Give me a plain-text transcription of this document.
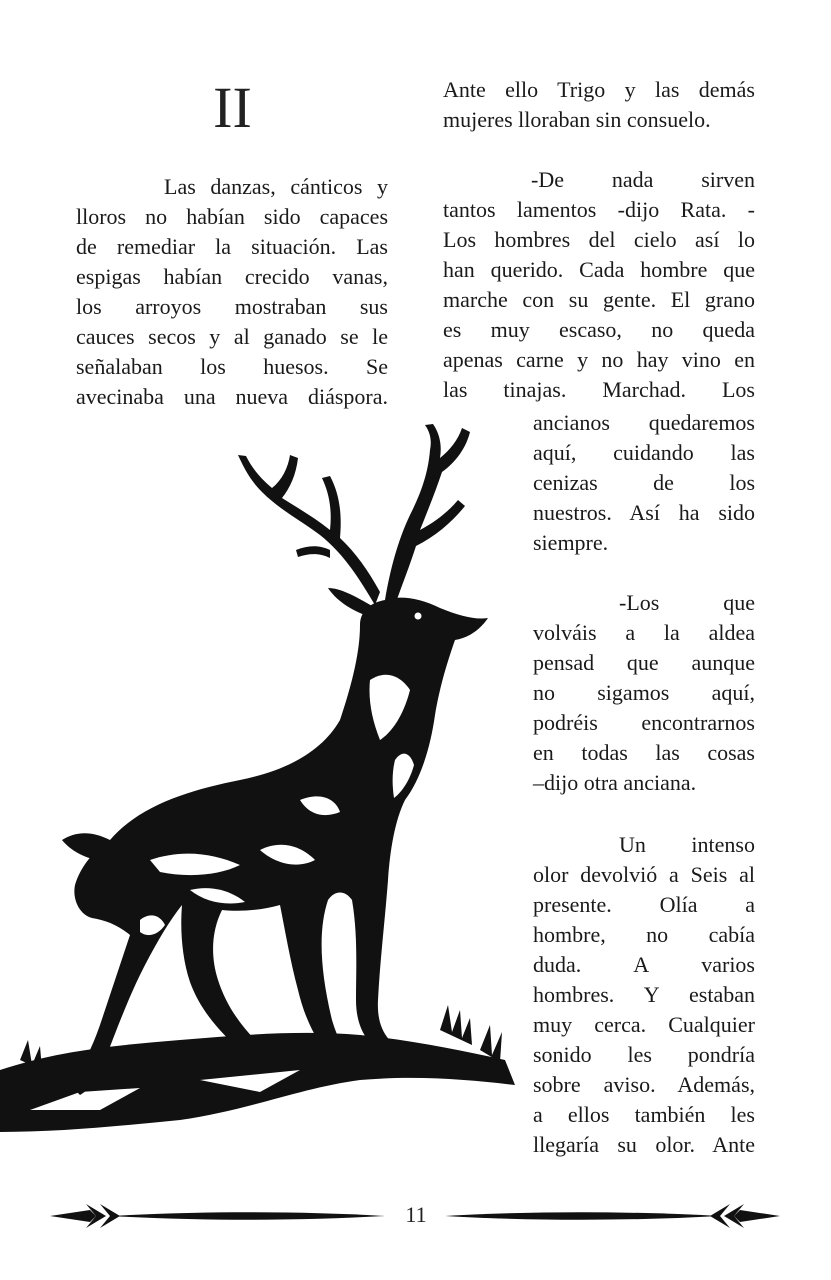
II
Las danzas, cánticos y
lloros no habían sido capaces
de remediar la situación. Las
espigas habían crecido vanas,
los arroyos mostraban sus
cauces secos y al ganado se le
señalaban los huesos. Se
avecinaba una nueva diáspora.
Ante ello Trigo y las demás
mujeres lloraban sin consuelo.
-De nada sirven
tantos lamentos -dijo Rata. -
Los hombres del cielo así lo
han querido. Cada hombre que
marche con su gente. El grano
es muy escaso, no queda
apenas carne y no hay vino en
las tinajas. Marchad. Los
ancianos quedaremos
aquí, cuidando las
cenizas de los
nuestros. Así ha sido
siempre.
-Los que
volváis a la aldea
pensad que aunque
no sigamos aquí,
podréis encontrarnos
en todas las cosas
–dijo otra anciana.
Un intenso
olor devolvió a Seis al
presente. Olía a
hombre, no cabía
duda. A varios
hombres. Y estaban
muy cerca. Cualquier
sonido les pondría
sobre aviso. Además,
a ellos también les
llegaría su olor. Ante
11
